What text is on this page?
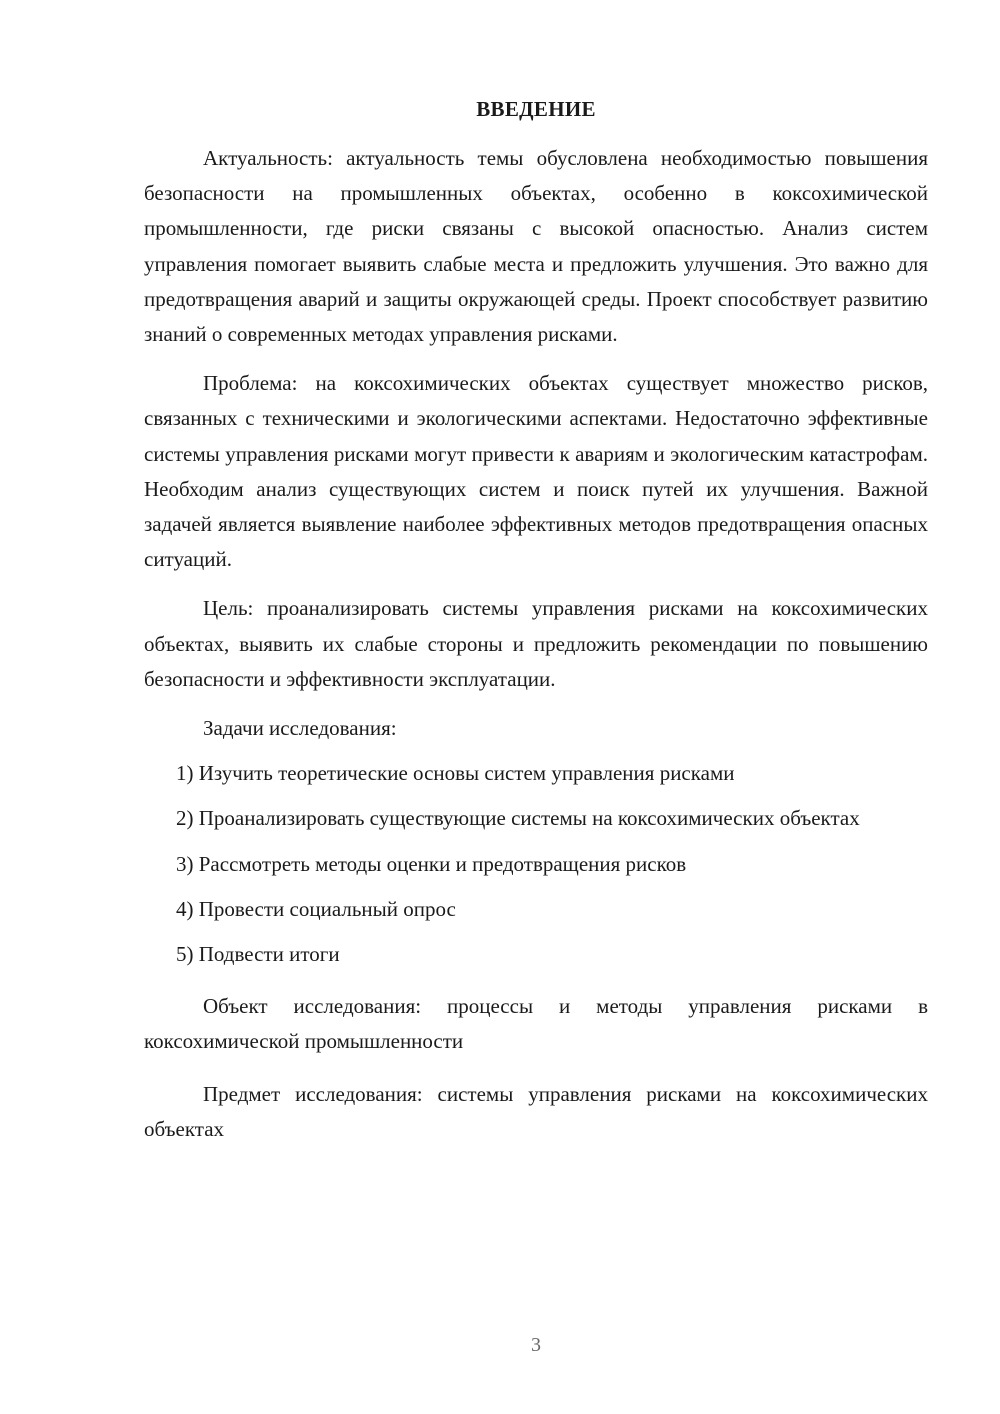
ВВЕДЕНИЕ

Актуальность: актуальность темы обусловлена необходимостью повышения безопасности на промышленных объектах, особенно в коксохимической промышленности, где риски связаны с высокой опасностью. Анализ систем управления помогает выявить слабые места и предложить улучшения. Это важно для предотвращения аварий и защиты окружающей среды. Проект способствует развитию знаний о современных методах управления рисками.

Проблема: на коксохимических объектах существует множество рисков, связанных с техническими и экологическими аспектами. Недостаточно эффективные системы управления рисками могут привести к авариям и экологическим катастрофам. Необходим анализ существующих систем и поиск путей их улучшения. Важной задачей является выявление наиболее эффективных методов предотвращения опасных ситуаций.

Цель: проанализировать системы управления рисками на коксохимических объектах, выявить их слабые стороны и предложить рекомендации по повышению безопасности и эффективности эксплуатации.

Задачи исследования:

1) Изучить теоретические основы систем управления рисками

2) Проанализировать существующие системы на коксохимических объектах

3) Рассмотреть методы оценки и предотвращения рисков

4) Провести социальный опрос

5) Подвести итоги

Объект исследования: процессы и методы управления рисками в коксохимической промышленности

Предмет исследования: системы управления рисками на коксохимических объектах

3
